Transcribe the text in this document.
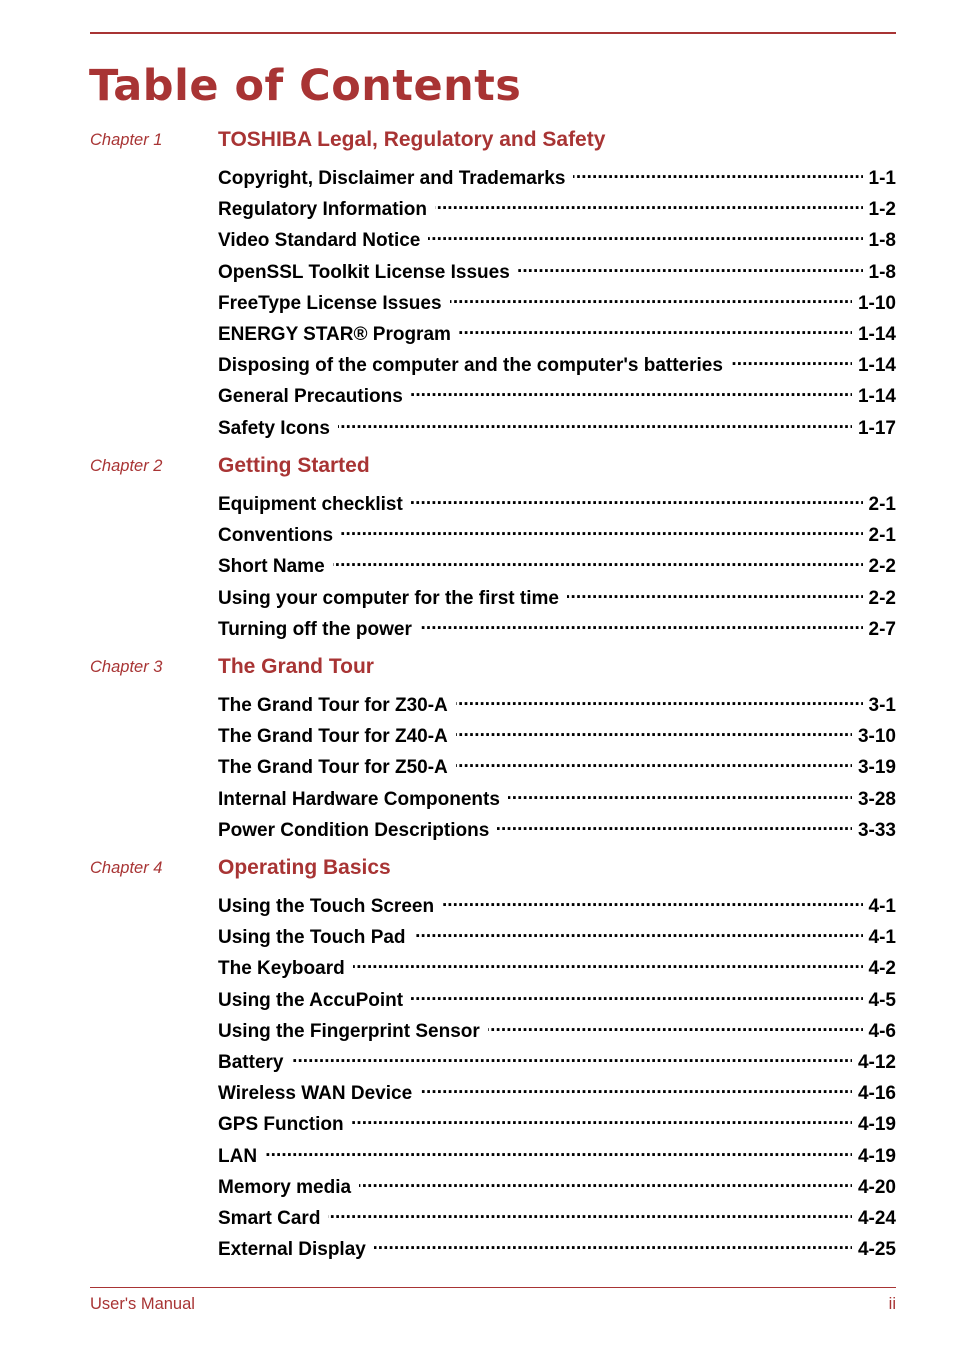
Table of Contents
Chapter 1	TOSHIBA Legal, Regulatory and Safety
Copyright, Disclaimer and Trademarks . . .	1-1
Regulatory Information . . .	1-2
Video Standard Notice . . .	1-8
OpenSSL Toolkit License Issues . . .	1-8
FreeType License Issues . . .	1-10
ENERGY STAR® Program . . .	1-14
Disposing of the computer and the computer's batteries . . .	1-14
General Precautions . . .	1-14
Safety Icons . . .	1-17
Chapter 2	Getting Started
Equipment checklist . . .	2-1
Conventions . . .	2-1
Short Name . . .	2-2
Using your computer for the first time . . .	2-2
Turning off the power . . .	2-7
Chapter 3	The Grand Tour
The Grand Tour for Z30-A . . .	3-1
The Grand Tour for Z40-A . . .	3-10
The Grand Tour for Z50-A . . .	3-19
Internal Hardware Components . . .	3-28
Power Condition Descriptions . . .	3-33
Chapter 4	Operating Basics
Using the Touch Screen . . .	4-1
Using the Touch Pad . . .	4-1
The Keyboard . . .	4-2
Using the AccuPoint . . .	4-5
Using the Fingerprint Sensor . . .	4-6
Battery . . .	4-12
Wireless WAN Device . . .	4-16
GPS Function . . .	4-19
LAN . . .	4-19
Memory media . . .	4-20
Smart Card . . .	4-24
External Display . . .	4-25
User's Manual	ii
